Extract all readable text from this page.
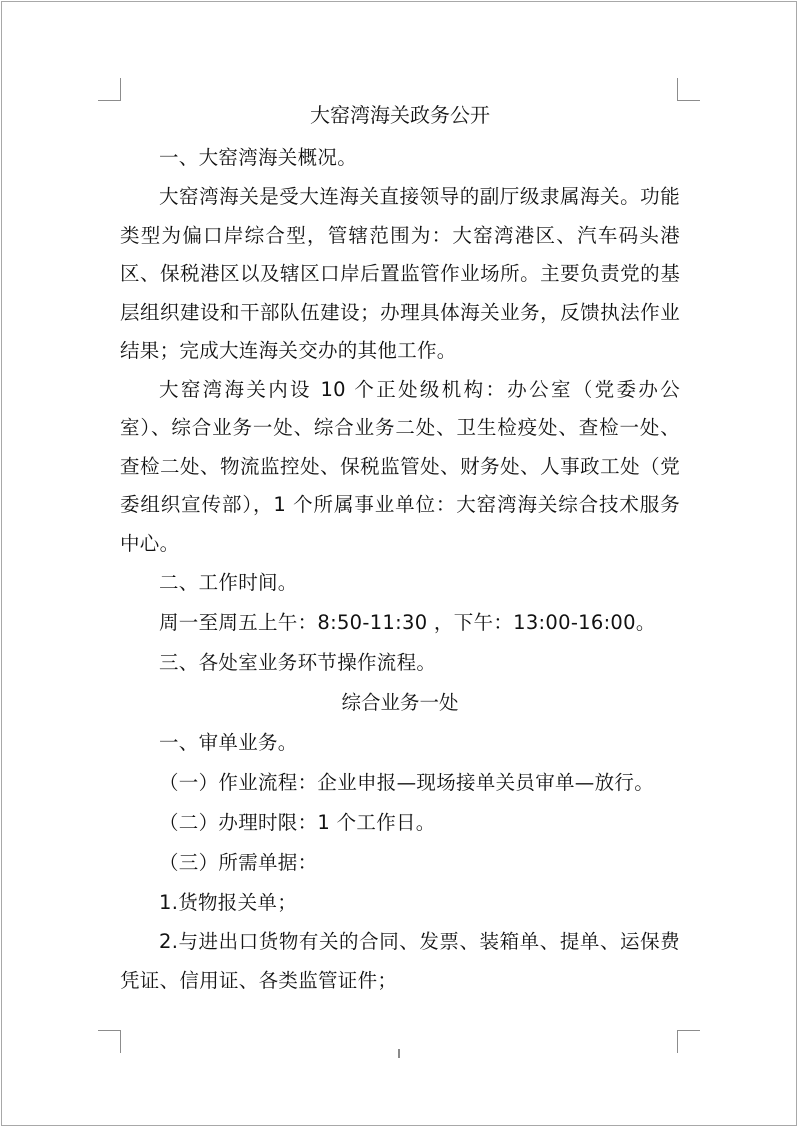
大窑湾海关政务公开

一、大窑湾海关概况。

大窑湾海关是受大连海关直接领导的副厅级隶属海关。功能类型为偏口岸综合型，管辖范围为：大窑湾港区、汽车码头港区、保税港区以及辖区口岸后置监管作业场所。主要负责党的基层组织建设和干部队伍建设；办理具体海关业务，反馈执法作业结果；完成大连海关交办的其他工作。

大窑湾海关内设 10 个正处级机构：办公室（党委办公室）、综合业务一处、综合业务二处、卫生检疫处、查检一处、查检二处、物流监控处、保税监管处、财务处、人事政工处（党委组织宣传部），1 个所属事业单位：大窑湾海关综合技术服务中心。

二、工作时间。

周一至周五上午：8:50-11:30 ，下午：13:00-16:00。

三、各处室业务环节操作流程。

综合业务一处

一、审单业务。

（一）作业流程：企业申报—现场接单关员审单—放行。

（二）办理时限：1 个工作日。

（三）所需单据：

1.货物报关单；

2.与进出口货物有关的合同、发票、装箱单、提单、运保费凭证、信用证、各类监管证件；
